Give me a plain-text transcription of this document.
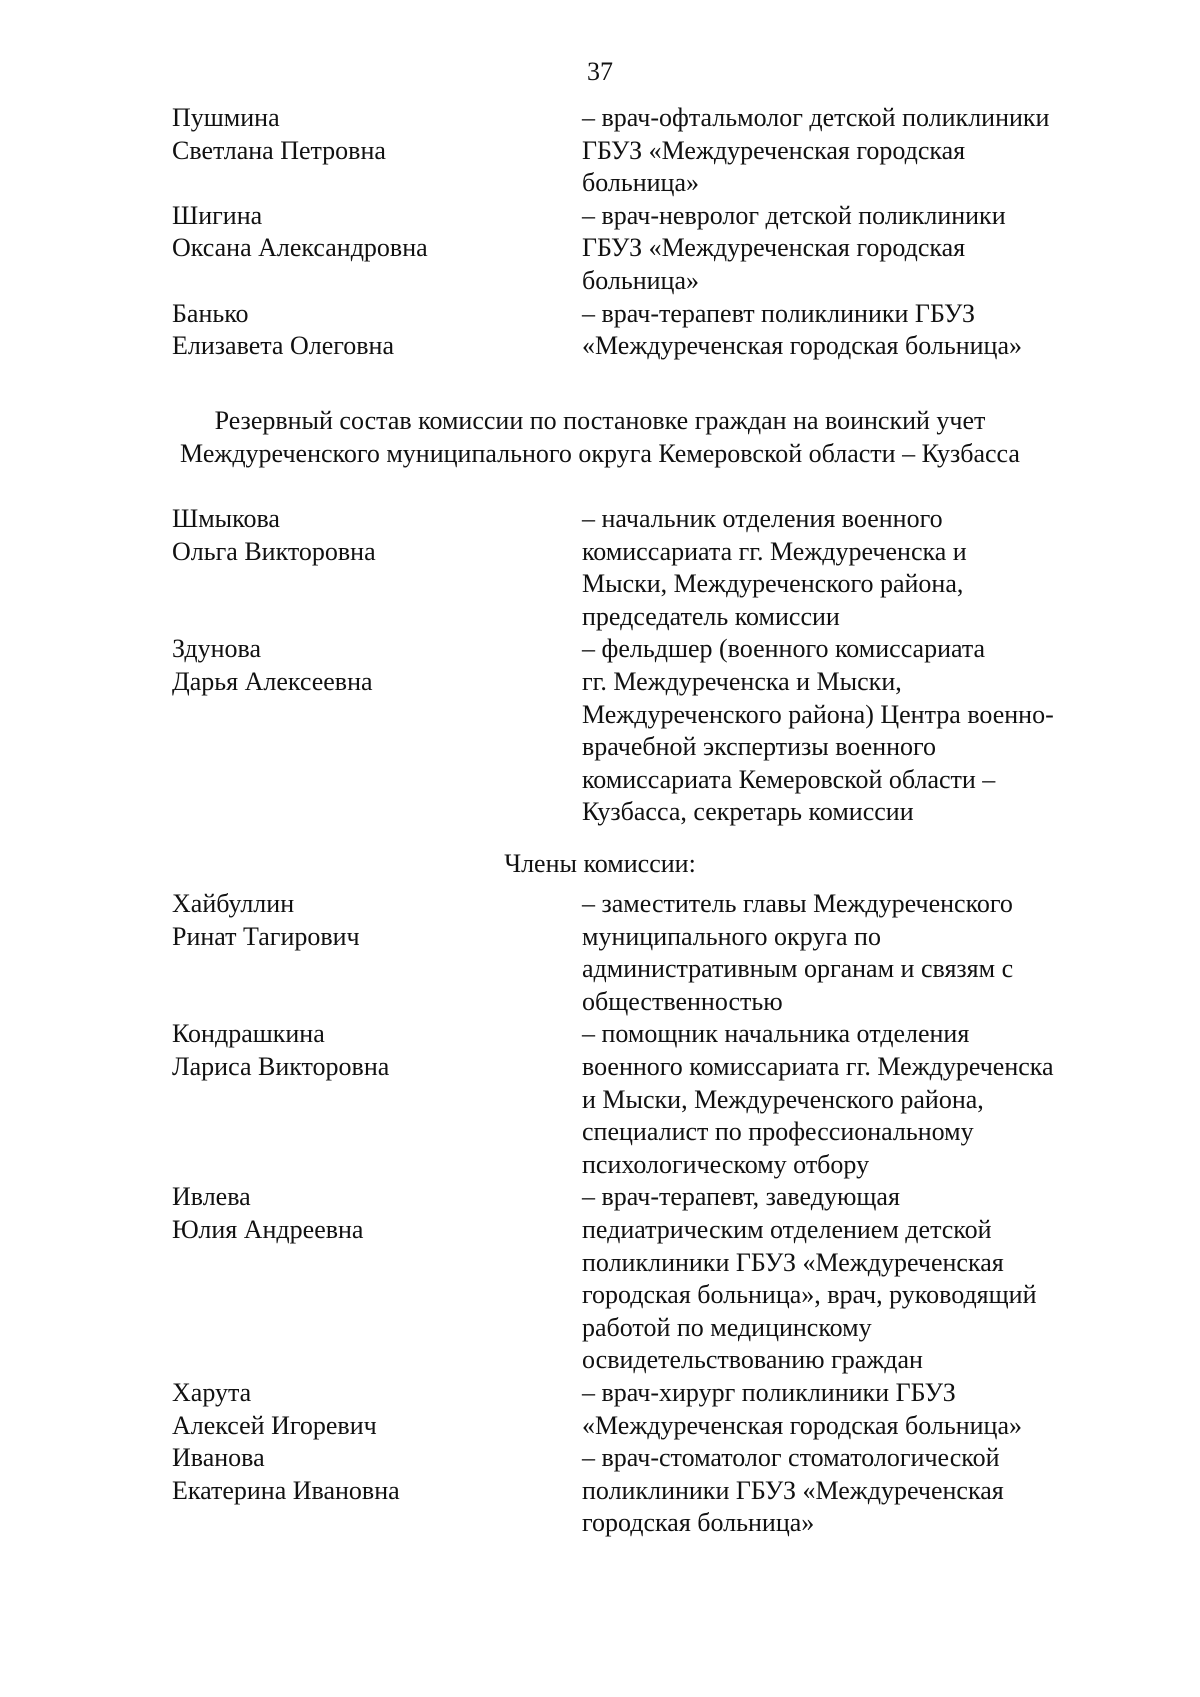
37
Пушмина
Светлана Петровна
– врач-офтальмолог детской поликлиники
ГБУЗ «Междуреченская городская
больница»
Шигина
Оксана Александровна
– врач-невролог детской поликлиники
ГБУЗ «Междуреченская городская
больница»
Банько
Елизавета Олеговна
– врач-терапевт поликлиники ГБУЗ
«Междуреченская городская больница»
Резервный состав комиссии по постановке граждан на воинский учет
Междуреченского муниципального округа Кемеровской области – Кузбасса
Шмыкова
Ольга Викторовна
– начальник отделения военного
комиссариата гг. Междуреченска и
Мыски, Междуреченского района,
председатель комиссии
Здунова
Дарья Алексеевна
– фельдшер (военного комиссариата
гг. Междуреченска и Мыски,
Междуреченского района) Центра военно-
врачебной экспертизы военного
комиссариата Кемеровской области –
Кузбасса, секретарь комиссии
Члены комиссии:
Хайбуллин
Ринат Тагирович
– заместитель главы Междуреченского
муниципального округа по
административным органам и связям с
общественностью
Кондрашкина
Лариса Викторовна
– помощник начальника отделения
военного комиссариата гг. Междуреченска
и Мыски, Междуреченского района,
специалист по профессиональному
психологическому отбору
Ивлева
Юлия Андреевна
– врач-терапевт, заведующая
педиатрическим отделением детской
поликлиники ГБУЗ «Междуреченская
городская больница», врач, руководящий
работой по медицинскому
освидетельствованию граждан
Харута
Алексей Игоревич
– врач-хирург поликлиники ГБУЗ
«Междуреченская городская больница»
Иванова
Екатерина Ивановна
– врач-стоматолог стоматологической
поликлиники ГБУЗ «Междуреченская
городская больница»
